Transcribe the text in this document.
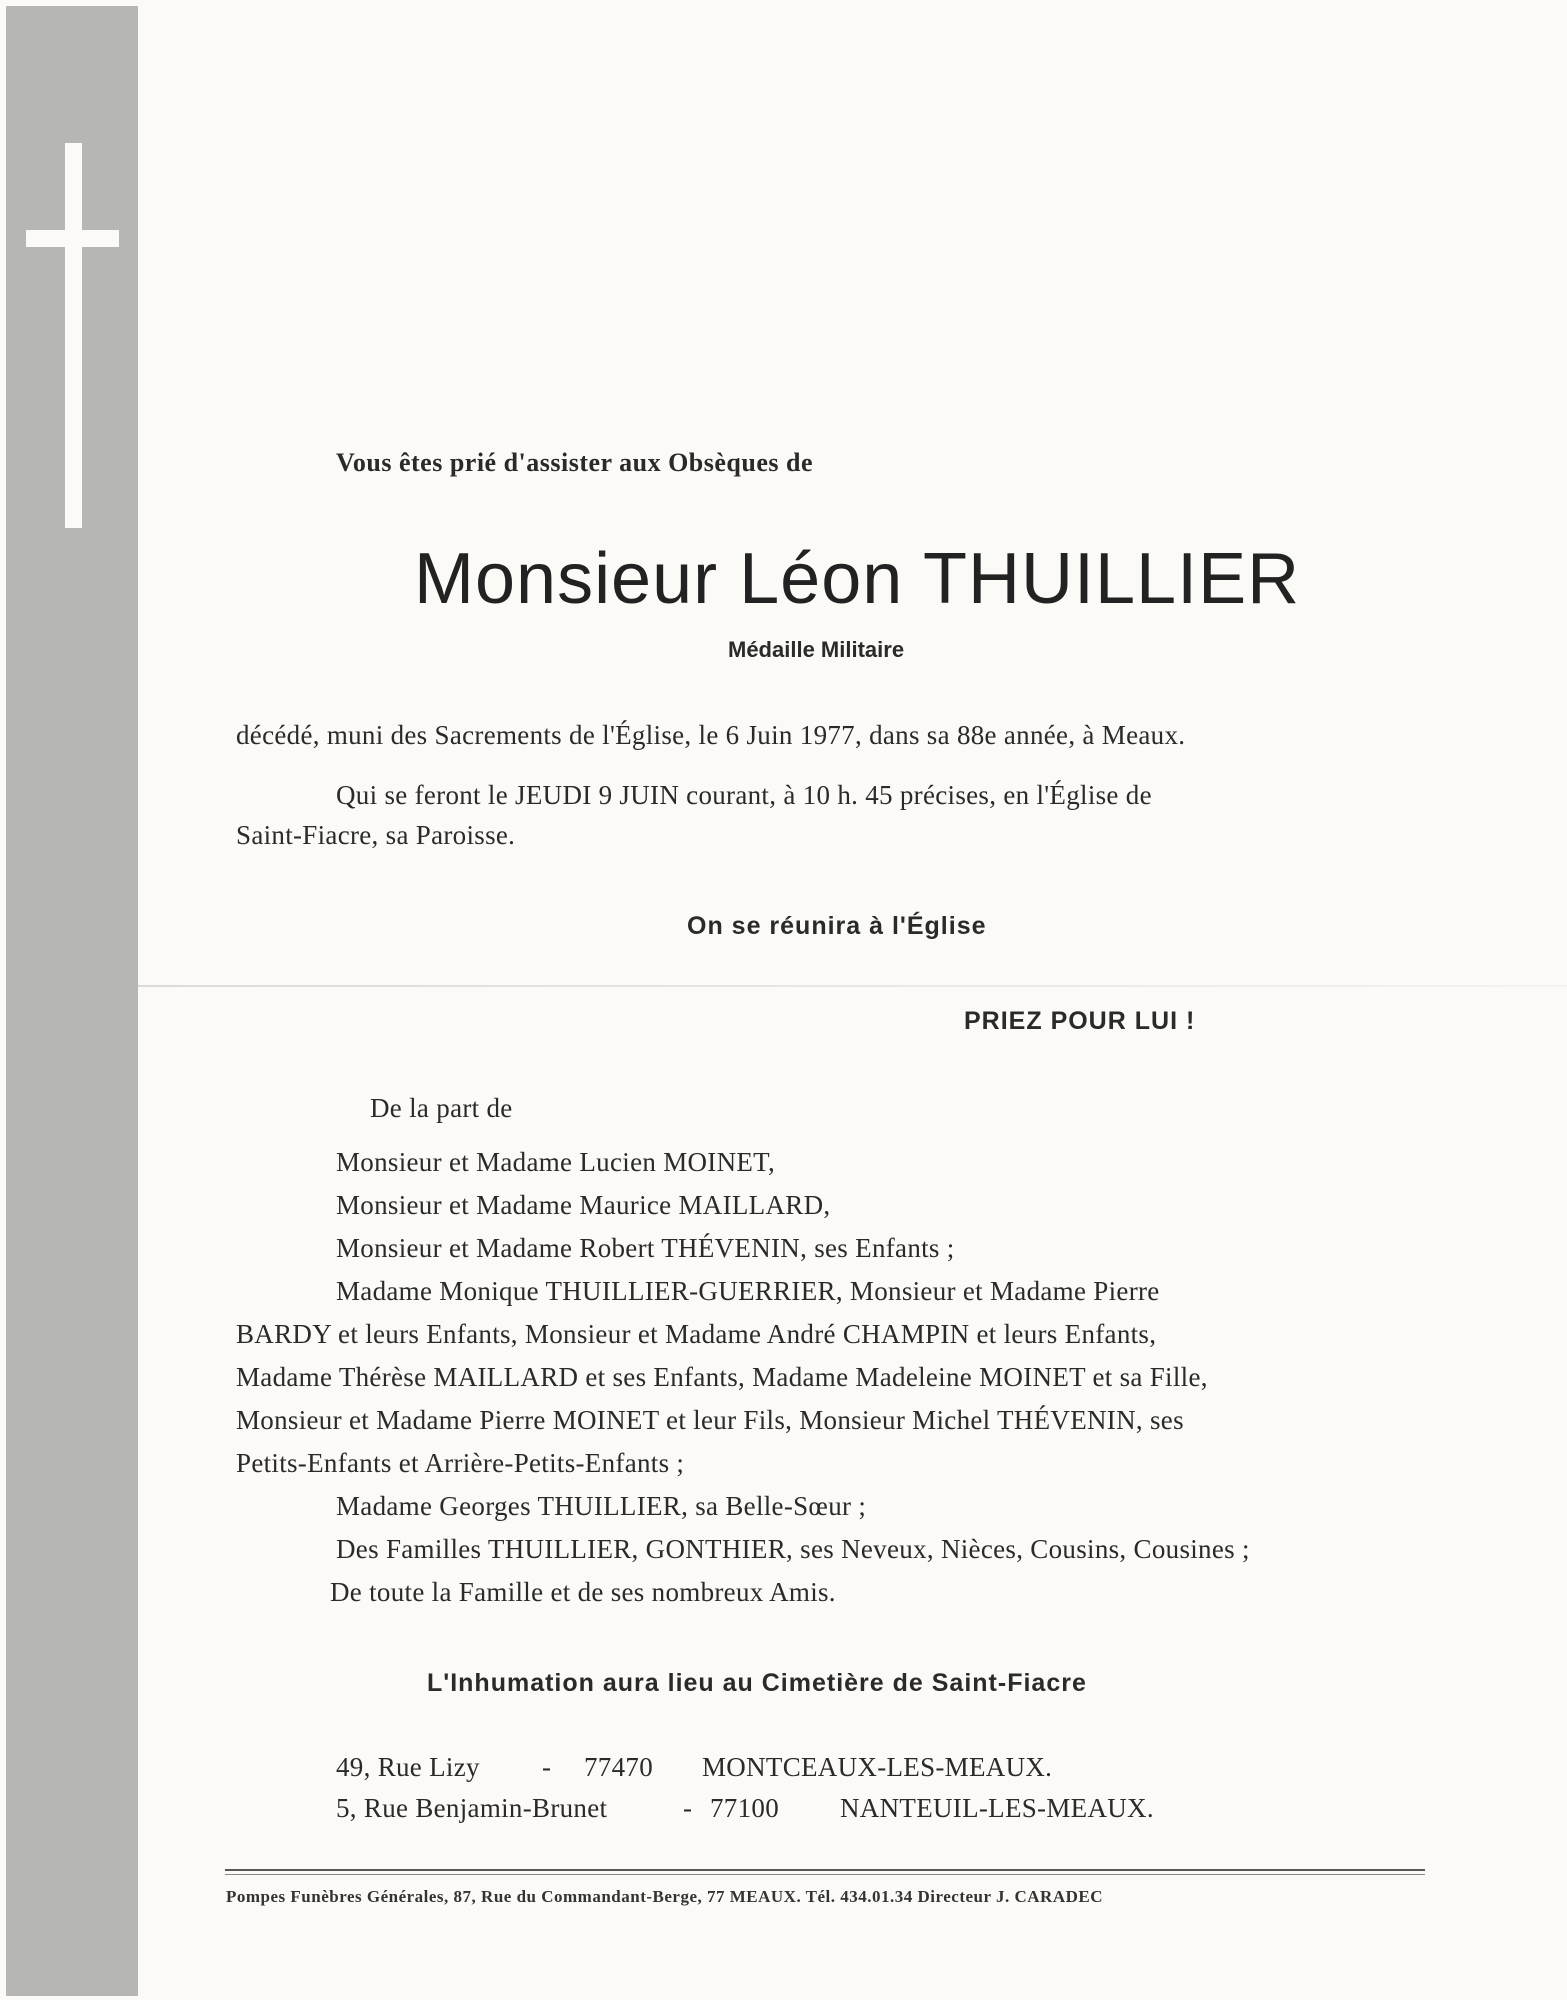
Vous êtes prié d'assister aux Obsèques de
Monsieur Léon THUILLIER
Médaille Militaire
décédé, muni des Sacrements de l'Église, le 6 Juin 1977, dans sa 88e année, à Meaux.
Qui se feront le JEUDI 9 JUIN courant, à 10 h. 45 précises, en l'Église de
Saint-Fiacre, sa Paroisse.
On se réunira à l'Église
PRIEZ POUR LUI !
De la part de
Monsieur et Madame Lucien MOINET,
Monsieur et Madame Maurice MAILLARD,
Monsieur et Madame Robert THÉVENIN, ses Enfants ;
Madame Monique THUILLIER-GUERRIER, Monsieur et Madame Pierre
BARDY et leurs Enfants, Monsieur et Madame André CHAMPIN et leurs Enfants,
Madame Thérèse MAILLARD et ses Enfants, Madame Madeleine MOINET et sa Fille,
Monsieur et Madame Pierre MOINET et leur Fils, Monsieur Michel THÉVENIN, ses
Petits-Enfants et Arrière-Petits-Enfants ;
Madame Georges THUILLIER, sa Belle-Sœur ;
Des Familles THUILLIER, GONTHIER, ses Neveux, Nièces, Cousins, Cousines ;
De toute la Famille et de ses nombreux Amis.
L'Inhumation aura lieu au Cimetière de Saint-Fiacre
49, Rue Lizy - 77470 MONTCEAUX-LES-MEAUX.
5, Rue Benjamin-Brunet	- 77100 NANTEUIL-LES-MEAUX.
Pompes Funèbres Générales, 87, Rue du Commandant-Berge, 77 MEAUX. Tél. 434.01.34 Directeur J. CARADEC
